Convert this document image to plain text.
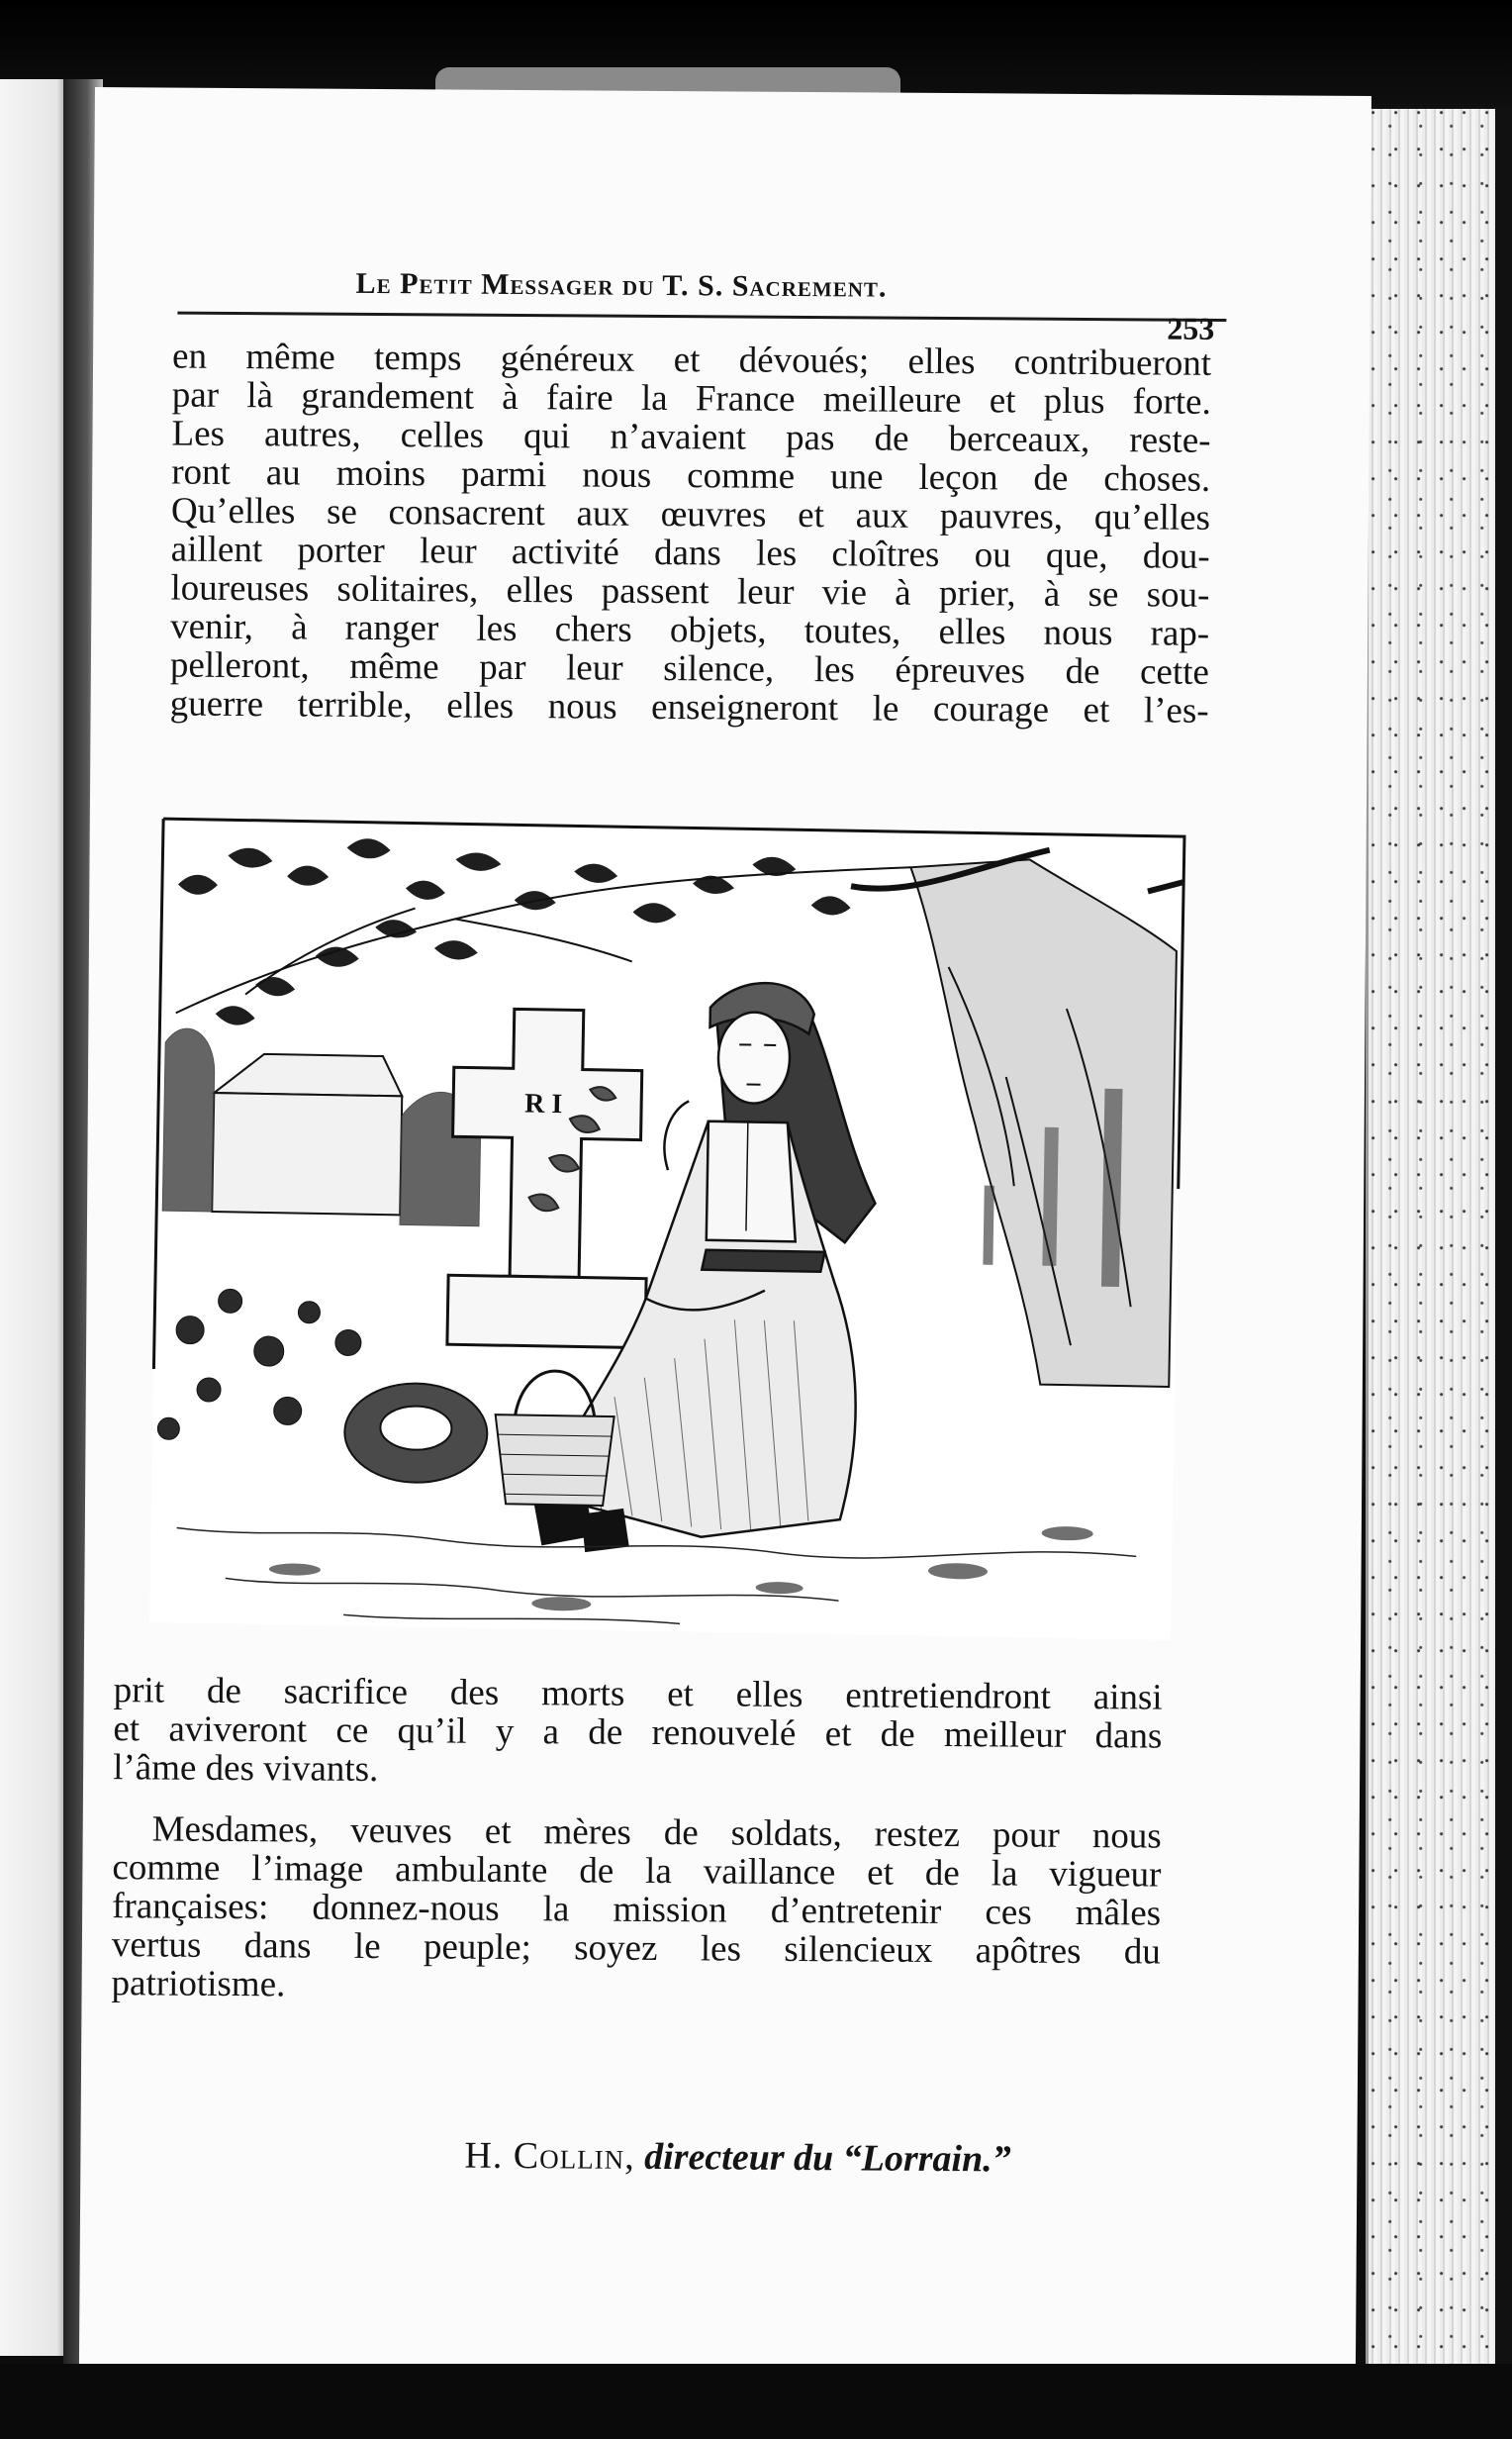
Le Petit Messager du T. S. Sacrement.
253
en même temps généreux et dévoués; elles contribueront
par là grandement à faire la France meilleure et plus forte.
Les autres, celles qui n’avaient pas de berceaux, reste-
ront au moins parmi nous comme une leçon de choses.
Qu’elles se consacrent aux œuvres et aux pauvres, qu’elles
aillent porter leur activité dans les cloîtres ou que, dou-
loureuses solitaires, elles passent leur vie à prier, à se sou-
venir, à ranger les chers objets, toutes, elles nous rap-
pelleront, même par leur silence, les épreuves de cette
guerre terrible, elles nous enseigneront le courage et l’es-
R I
prit de sacrifice des morts et elles entretiendront ainsi
et aviveront ce qu’il y a de renouvelé et de meilleur dans
l’âme des vivants.
Mesdames, veuves et mères de soldats, restez pour nous
comme l’image ambulante de la vaillance et de la vigueur
françaises: donnez-nous la mission d’entretenir ces mâles
vertus dans le peuple; soyez les silencieux apôtres du
patriotisme.
H. Collin, directeur du “Lorrain.”
